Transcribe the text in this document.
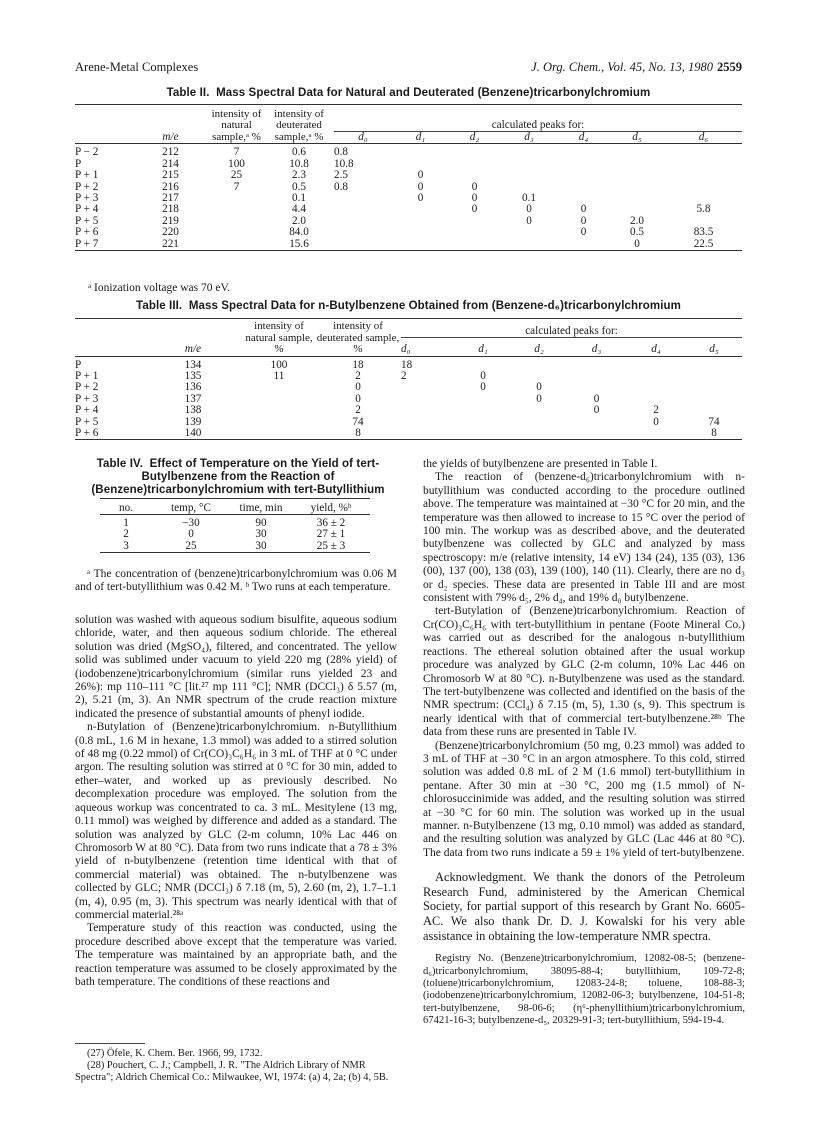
Arene-Metal Complexes	J. Org. Chem., Vol. 45, No. 13, 1980 2559
Table II. Mass Spectral Data for Natural and Deuterated (Benzene)tricarbonylchromium
		intensity of natural sample,ᵃ %	intensity of deuterated sample,ᵃ %	calculated peaks for:						
	m/e			d₀	d₁	d₂	d₃	d₄	d₅	d₆
P − 2	212	7	0.6	0.8						
P	214	100	10.8	10.8						
P + 1	215	25	2.3	2.5	0					
P + 2	216	7	0.5	0.8	0	0				
P + 3	217		0.1		0	0	0.1			
P + 4	218		4.4			0	0	0		5.8
P + 5	219		2.0				0	0	2.0	
P + 6	220		84.0					0	0.5	83.5
P + 7	221		15.6						0	22.5

ᵃ Ionization voltage was 70 eV.
Table III. Mass Spectral Data for n-Butylbenzene Obtained from (Benzene-d₆)tricarbonylchromium
		intensity of natural sample, %	intensity of deuterated sample, %	calculated peaks for:					
	m/e			d₀	d₁	d₂	d₃	d₄	d₅
P	134	100	18	18					
P + 1	135	11	2	2	0				
P + 2	136		0		0	0			
P + 3	137		0			0	0		
P + 4	138		2				0	2	
P + 5	139		74					0	74
P + 6	140		8						8

Table IV. Effect of Temperature on the Yield of tert-Butylbenzene from the Reaction of (Benzene)tricarbonylchromium with tert-Butyllithium
no.	temp, °C	time, min	yield, %ᵇ
1	−30	90	36 ± 2
2	0	30	27 ± 1
3	25	30	25 ± 3

ᵃ The concentration of (benzene)tricarbonylchromium was 0.06 M and of tert-butyllithium was 0.42 M. ᵇ Two runs at each temperature.

solution was washed with aqueous sodium bisulfite, aqueous sodium chloride, water, and then aqueous sodium chloride. The ethereal solution was dried (MgSO₄), filtered, and concentrated. The yellow solid was sublimed under vacuum to yield 220 mg (28% yield) of (iodobenzene)tricarbonylchromium (similar runs yielded 23 and 26%): mp 110–111 °C [lit.²⁷ mp 111 °C]; NMR (DCCl₃) δ 5.57 (m, 2), 5.21 (m, 3). An NMR spectrum of the crude reaction mixture indicated the presence of substantial amounts of phenyl iodide.

n-Butylation of (Benzene)tricarbonylchromium. n-Butyllithium (0.8 mL, 1.6 M in hexane, 1.3 mmol) was added to a stirred solution of 48 mg (0.22 mmol) of Cr(CO)₃C₆H₆ in 3 mL of THF at 0 °C under argon. The resulting solution was stirred at 0 °C for 30 min, added to ether–water, and worked up as previously described. No decomplexation procedure was employed. The solution from the aqueous workup was concentrated to ca. 3 mL. Mesitylene (13 mg, 0.11 mmol) was weighed by difference and added as a standard. The solution was analyzed by GLC (2-m column, 10% Lac 446 on Chromosorb W at 80 °C). Data from two runs indicate that a 78 ± 3% yield of n-butylbenzene (retention time identical with that of commercial material) was obtained. The n-butylbenzene was collected by GLC; NMR (DCCl₃) δ 7.18 (m, 5), 2.60 (m, 2), 1.7–1.1 (m, 4), 0.95 (m, 3). This spectrum was nearly identical with that of commercial material.²⁸ᵃ

Temperature study of this reaction was conducted, using the procedure described above except that the temperature was varied. The temperature was maintained by an appropriate bath, and the reaction temperature was assumed to be closely approximated by the bath temperature. The conditions of these reactions and

(27) Öfele, K. Chem. Ber. 1966, 99, 1732.
(28) Pouchert, C. J.; Campbell, J. R. "The Aldrich Library of NMR Spectra"; Aldrich Chemical Co.: Milwaukee, WI, 1974: (a) 4, 2a; (b) 4, 5B.

the yields of butylbenzene are presented in Table I.

The reaction of (benzene-d₆)tricarbonylchromium with n-butyllithium was conducted according to the procedure outlined above. The temperature was maintained at −30 °C for 20 min, and the temperature was then allowed to increase to 15 °C over the period of 100 min. The workup was as described above, and the deuterated butylbenzene was collected by GLC and analyzed by mass spectroscopy: m/e (relative intensity, 14 eV) 134 (24), 135 (03), 136 (00), 137 (00), 138 (03), 139 (100), 140 (11). Clearly, there are no d₃ or d₂ species. These data are presented in Table III and are most consistent with 79% d₅, 2% d₄, and 19% d₀ butylbenzene.

tert-Butylation of (Benzene)tricarbonylchromium. Reaction of Cr(CO)₃C₆H₆ with tert-butyllithium in pentane (Foote Mineral Co.) was carried out as described for the analogous n-butyllithium reactions. The ethereal solution obtained after the usual workup procedure was analyzed by GLC (2-m column, 10% Lac 446 on Chromosorb W at 80 °C). n-Butylbenzene was used as the standard. The tert-butylbenzene was collected and identified on the basis of the NMR spectrum: (CCl₄) δ 7.15 (m, 5), 1.30 (s, 9). This spectrum is nearly identical with that of commercial tert-butylbenzene.²⁸ᵇ The data from these runs are presented in Table IV.

(Benzene)tricarbonylchromium (50 mg, 0.23 mmol) was added to 3 mL of THF at −30 °C in an argon atmosphere. To this cold, stirred solution was added 0.8 mL of 2 M (1.6 mmol) tert-butyllithium in pentane. After 30 min at −30 °C, 200 mg (1.5 mmol) of N-chlorosuccinimide was added, and the resulting solution was stirred at −30 °C for 60 min. The solution was worked up in the usual manner. n-Butylbenzene (13 mg, 0.10 mmol) was added as standard, and the resulting solution was analyzed by GLC (Lac 446 at 80 °C). The data from two runs indicate a 59 ± 1% yield of tert-butylbenzene.

Acknowledgment. We thank the donors of the Petroleum Research Fund, administered by the American Chemical Society, for partial support of this research by Grant No. 6605-AC. We also thank Dr. D. J. Kowalski for his very able assistance in obtaining the low-temperature NMR spectra.

Registry No. (Benzene)tricarbonylchromium, 12082-08-5; (benzene-d₆)tricarbonylchromium, 38095-88-4; butyllithium, 109-72-8; (toluene)tricarbonylchromium, 12083-24-8; toluene, 108-88-3; (iodobenzene)tricarbonylchromium, 12082-06-3; butylbenzene, 104-51-8; tert-butylbenzene, 98-06-6; (η⁶-phenyllithium)tricarbonylchromium, 67421-16-3; butylbenzene-d₅, 20329-91-3; tert-butyllithium, 594-19-4.
